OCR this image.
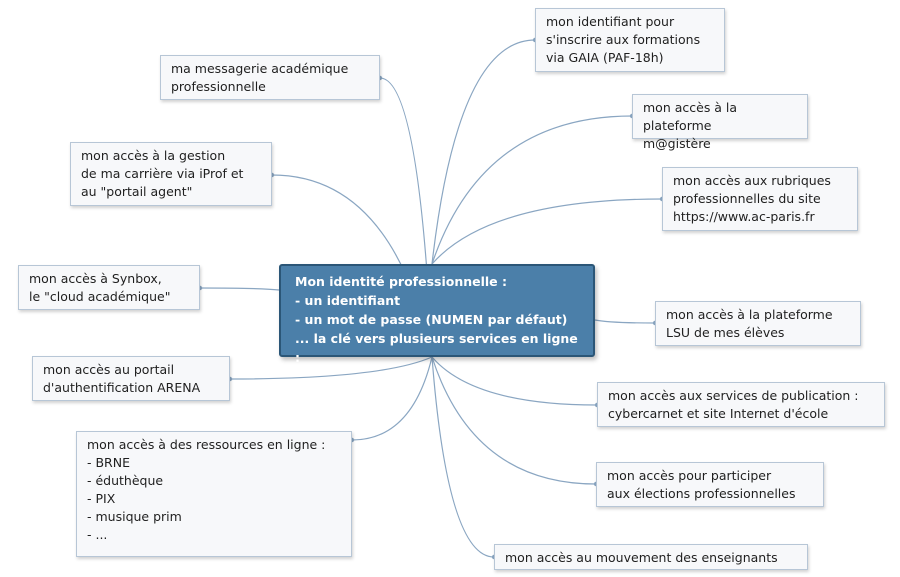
Mon identité professionnelle :
- un identifiant
- un mot de passe (NUMEN par défaut)
... la clé vers plusieurs services en ligne :
ma messagerie académique
professionnelle
mon accès à la gestion
de ma carrière via iProf et
au "portail agent"
mon accès à Synbox,
le "cloud académique"
mon accès au portail
d'authentification ARENA
mon accès à des ressources en ligne :
- BRNE
- éduthèque
- PIX
- musique prim
- ...
mon identifiant pour
s'inscrire aux formations
via GAIA (PAF-18h)
mon accès à la plateforme
m@gistère
mon accès aux rubriques
professionnelles du site
https://www.ac-paris.fr
mon accès à la plateforme
LSU de mes élèves
mon accès aux services de publication :
cybercarnet et site Internet d'école
mon accès pour participer
aux élections professionnelles
mon accès au mouvement des enseignants
